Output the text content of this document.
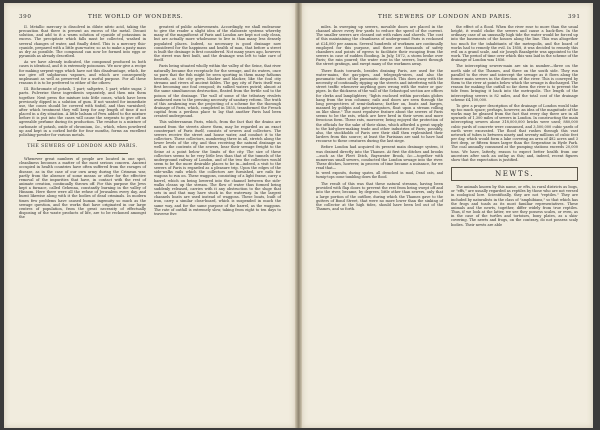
390	THE WORLD OF WONDERS.

II. Metallic mercury is dissolved in dilute nitric acid, taking the precaution that there is present an excess of the metal. Decant solution, and add to it a warm solution of cyanide of potassium in excess. The precipitate which falls must be collected, washed in several changes of water, and finally dried. This is a mercury thio-cyanide, prepared with a little gum-water, so as to make a pasty mass as dry as possible. The compound can now be formed into eggs or pyramids as already described.

As we have already indicated, the compound produced in both cases is identical, and it is extremely poisonous. We now give a recipe for making serpent-eggs which have not this disadvantage, which, for use give off sulphurous vapours, and which are consequently unpleasant as well as preserved for a useful purpose. For all these reasons it is to be preferred to either of the others:

III. Bichromate of potash, 1 part; saltpetre, 1 part; white sugar, 2 parts. Pulverize these ingredients separately, and then mix them together. Next press the mixture into little cones, which have been previously dipped in a solution of gum. If not wanted for immediate use, the cones should be covered with tinfoil, and thus varnished; after which treatment they will keep for any length of time if not placed in a dry situation. A little balsam of Peru added to the mixture before it is put into the cases will cause the serpents to give off an agreeable perfume during its production. The residue is a mixture of carbonate of potash, oxide of chromium, &c., which, when powdered up and kept in a corked bottle for four months, forms an excellent polishing-powder for various metals.

THE SEWERS OF LONDON AND PARIS.

Whenever great numbers of people are located in one spot, cleanliness becomes a matter of the most serious concern. Ancient occupied in health countries have often suffered from the ravages of disease, as in the case of our own army during the Crimean war, partly from the absence of some means or other for the effective removal of the impurities that have, in contact with the rest of animate creation, continually thrown off. For this purpose the Jews kept a furnace, called Gehenna, constantly burning in the valley of Hinnom. Here there were all the refuse of Jerusalem every day, and burnt likewise along with it the bodies of dead criminals. In modern times few problems have caused human ingenuity so much as the sewage question, and the works that have originated in our large centres of population, from the great necessity of effectually disposing of the waste products of life, are to be reckoned amongst the

greatest of public achievements. Accordingly, we shall endeavour to give the reader a slight idea of the elaborate systems whereby many of the magnificent of Paris and London are kept not only clean, but are actually more wholesome to live in than many less densely populated places. Indeed, so necessary is good drainage now considered for the happiness and health of man, that before a street is built the drainage is first considered. Not many years ago, however, the street was first built, and the drainage was left to take care of itself.

Paris being situated wholly within the valley of the Seine, that river naturally became the receptacle for the sewage, and its waters, once so pure that the fish might be seen sporting in them many fathoms beneath, as the city grew, blacker and blacker, like the foul city streams and rivers of ancient fables. The gay city of Paris itself was first becoming one foul cesspool; its sullied waters putrid; almost at the same simultaneous destruction, fleated from the fertile soil to the poison of the drainage. The wall of some of the tributary rivulets awakened men to the pressing necessity of sanitary reform. The truth of this awakening was the projecting of a scheme for the thorough drainage of Paris, which, completed in 1855, transformed the French capital from a perilous place to lay that another Paris had been created underground.

This subterranean Paris, which, from the fact that the drains are named from the streets above them, may be regarded as an exact counterpart of Paris itself, consists of sewers and collectors. The sewers receive the street and house water, and conduct it to the collectors. These collectors, numbering three in all, stretch along the lower levels of the city, and thus receiving the natural drainage as well as the contents of the sewers, bear their sewage freight to the Seine at a point below the limits of the city. The size of these collectors seems to be very little less than that of the tunnels of the underground railway of London, and of the two the collectors would seem to be the more desirable places to be in—indeed, a visit to the sewers of Paris is regarded as a pleasure trip. Upon the edges of the side-walks rails which the collectors are furnished, are rails for wagons to run on. These waggons, consisting of a light frame, carry a barrel, which on being lowered into the channel between the side-walks cleans up the stream. The flow of water thus formed being suddenly released, carries with it any obstruction to the sluge that sets in and that may have stuck in the waterway. In the largest channels boats are used instead of waggons. These boats, built of iron, carry a similar close-board, which is suspended in much the same way, and for the same purpose of the barrel, as the waggons. The rate of outfall is extremely slow, taking from eight to ten days to traverse five

THE SEWERS OF LONDON AND PARIS.	391

miles. In sweeping up sewers, movable doors are placed in the channel above every few yards to reduce the speed of the current. The smaller sewers are cleaned out with rakes and shovels. The cost of this maintaining the cleanliness of underground Paris is reckoned at £24,000 per annum. Several hundreds of workmen are continually employed for this purpose, and there are thousands of safety chambers and points of egress to facilitate their escaping from the sewers in case of sudden flooding. In July, 1872, a storm broke over Paris; the rain poured; the water rose in the sewers, burst through the street gratings, and swept many of the workmen away.

There floats towards, besides draining Paris, are used for the water-mains, the gas-pipes, and telegraph-wires, and also the pneumatic tubes of the pneumatic despatch. This does away with the necessity of continually ripping up the streets and interfering with the street traffic whenever anything goes wrong with the water or gas-pipes. In the thickness of the wall of the Sebastopol section are offices for clerks and lamplighters; "lights enclosed within porcelain globes hang from the iron columns; rails and doors are seen through the long perspectives of semi-darkness; farther on, boats and barges, manned by goldpin and gate-navigators, float upon a stream rolling on like slime." The most repulsive feature about the sewers of Paris seems to be the rats, which are here bred in their seven and more ferocious form. These rats, moreover, being enjoyed the protection of the officials for the sake of their skins, which afforded a great supply to the kid-glove-making trade and other industries of Paris; possibly, also, the stockholds of Paris owe their skill then replenished their larders from this source; at least the Parisians are said to have had recourse to these creatures during the last siege.

Before London had acquired its present main drainage system, it was drained directly into the Thames. At first the ditches and brooks—such as the Fleet Ditch, Bayswater Brook, &c.—together with numerous small sewers, conducted the London sewage into the river. These ditches, however, in process of time became a nuisance, for we read that—

In weed exposits, during spates, all drenched in mud, Dead cats, and turnip-tops come tumbling down the flood.

The result of this was that these natural streams, having been provided with flap doors to prevent the rest from being swept off and into the river, became, by degrees, little other than sewers, only that a large portion of the outflow, during which the Thames gave to the gutters of Bond Street, that were no more lower than the sinking of the collector at the high tides, should have been led out of the Thames, and so forth.

the effect of a flood. When the river rose to more than the usual height, it would choke the sewers and cause a back-flow. In the ordinary case of an unusually high tide the water would be forced up into the basements of the houses along the line. This was altogether too much for the inhabitants of the metropolis, and the board of works had to remedy the evil. In 1858, it was decided to remedy this evil on a grand scale, and sir Joseph Bazalgette was appointed to the work. The period of time over which this was laid in the scheme of the drainage of London was 1856.

The intercepting sewers-main are six in number—three on the north side of the Thames, and three on the south side. They run parallel to the river and intercept the sewage as it flows along the former main sewers in the direction of the river. This is conveyed by them to the river at points below which the sewage is discharged. The reason for making the outfall so far down the river is to prevent the tide from bringing it back into the metropolis. The length of the intercepting sewers is 82 miles, and the total cost of the drainage scheme £4,100,000.

To give a proper description of the drainage of London would take up too much space; perhaps, however, an idea of the magnitude of the works may be gleaned from the fact that every day there are in all upwards of 1,300 miles of sewers in London. In constructing the main intercepting sewers alone 318,000,000 bricks were used; 880,000 cubic yards of concrete were consumed, and 3,500,000 cubic yards of earth were excavated. The flood that rushes through this vast network of tubes is between ninety and seventy millions of cubic feet per day, which would form a lake covering an area of 482 acres and 3 feet deep, or fifteen times larger than the Serpentine in Hyde Park. The coal annually consumed at the pumping stations exceeds 20,000 tons. We have, latterly, reason to expect better health from our ancestors after such an outlay as this; and, indeed, recent figures show that the expectation is justified.

NEWTS.

The animals known by this name, or efts, in rural districts as bogs, or "effs," are usually regarded as reptiles by those who are not versed in zoological lore. Scientifically, they are not "reptiles." They are included by naturalists in the class of "amphibians," so that which has the frogs and toads as its most familiar representatives. These animals and the newts, together, differ widely from true reptiles. Thus, if we look at the latter, we see they possess scales, or even, as in the case of the turtles and tortoises, bony plates, as a skin-covering. The newts and frogs, on the contrary, do not possess scaly bodies. Their newts are able
